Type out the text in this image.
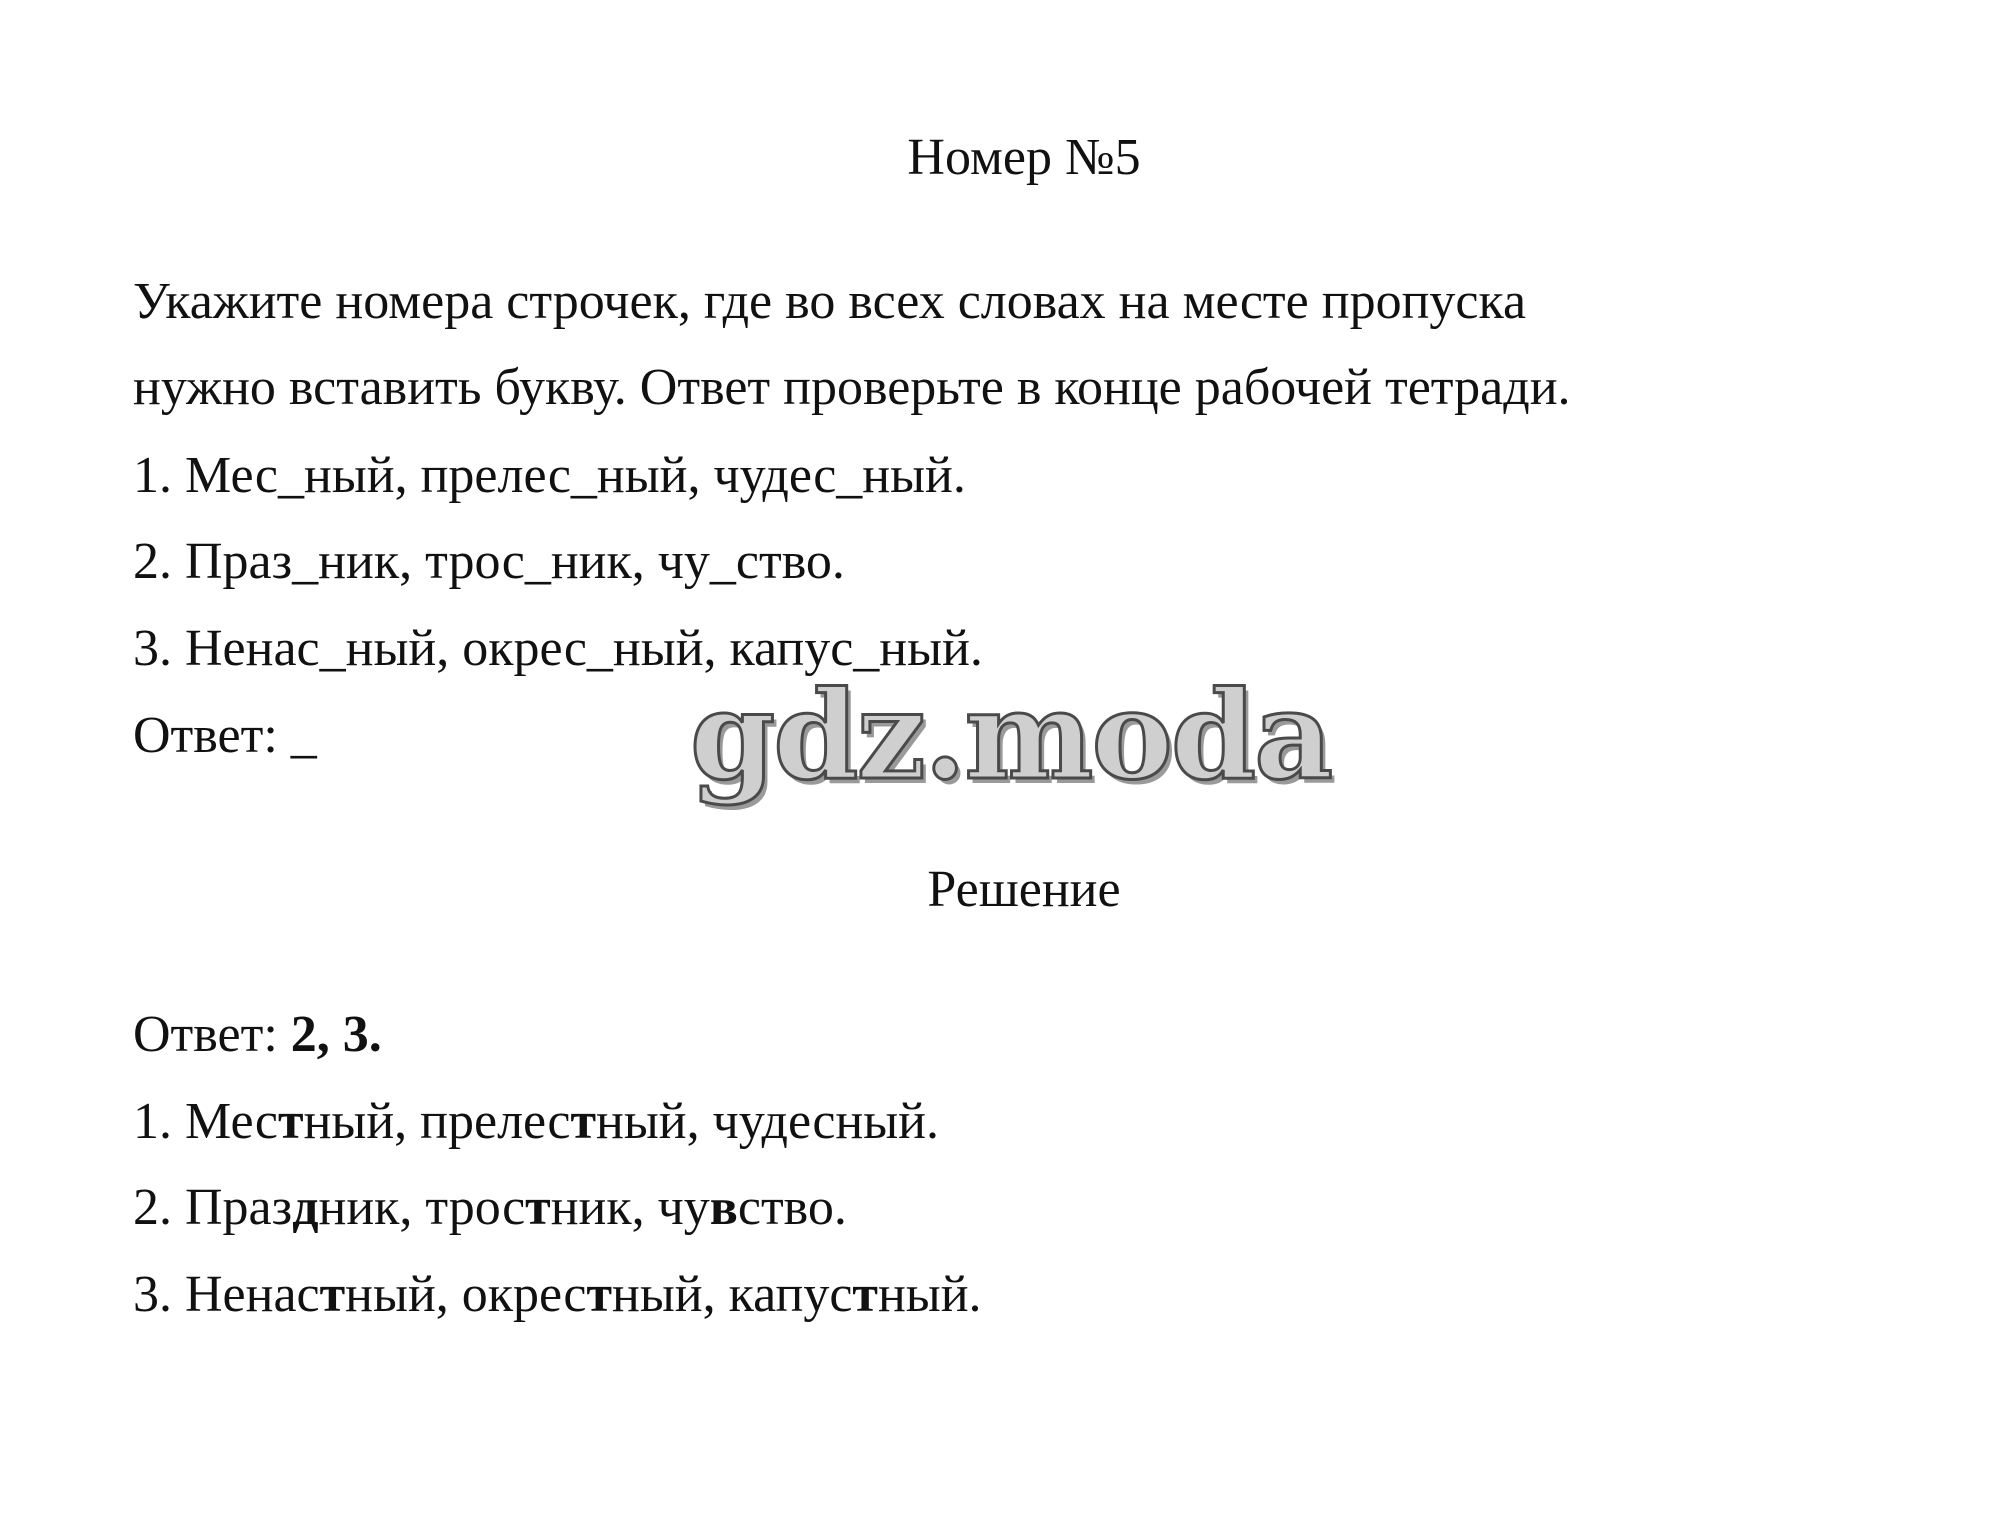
Номер №5
Укажите номера строчек, где во всех словах на месте пропуска
нужно вставить букву. Ответ проверьте в конце рабочей тетради.
1. Мес_ный, прелес_ный, чудес_ный.
2. Праз_ник, трос_ник, чу_ство.
3. Ненас_ный, окрес_ный, капус_ный.
Ответ: _	gdz.moda
Решение
Ответ: 2, 3.
1. Местный, прелестный, чудесный.
2. Праздник, тростник, чувство.
3. Ненастный, окрестный, капустный.
